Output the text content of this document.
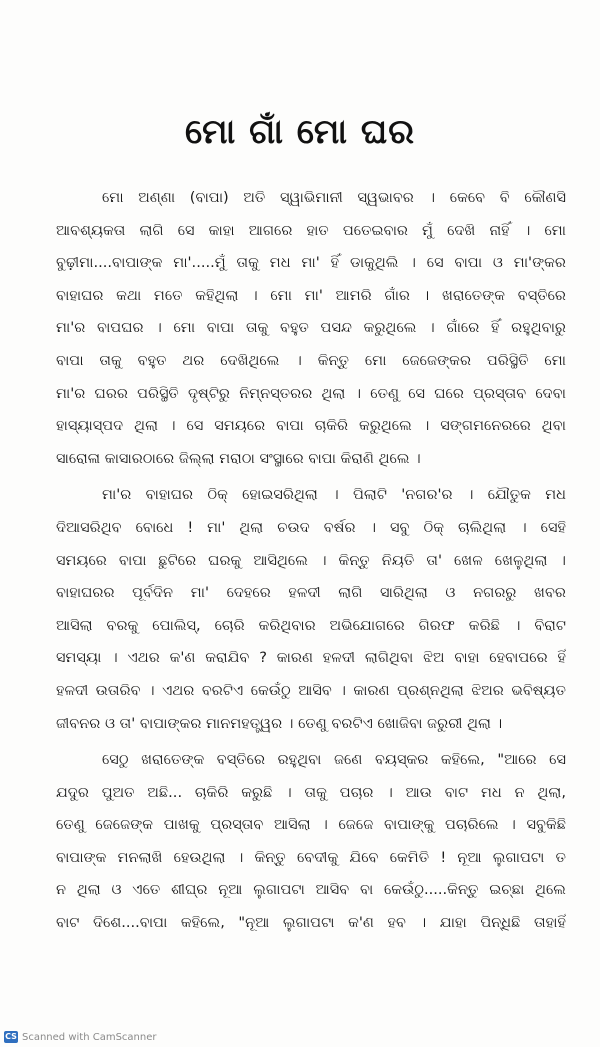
ମୋ ଗାଁ ମୋ ଘର
ମୋ ଅଣ୍ଣା (ବାପା) ଅତି ସ୍ୱାଭିମାନୀ ସ୍ୱଭାବର । କେବେ ବି କୌଣସି
ଆବଶ୍ୟକତା ଲାଗି ସେ କାହା ଆଗରେ ହାତ ପତେଇବାର ମୁଁ ଦେଖି ନାହିଁ । ମୋ
ବୁଢ଼ୀମା....ବାପାଙ୍କ ମା'.....ମୁଁ ତାକୁ ମଧ ମା' ହିଁ ଡାକୁଥିଲି । ସେ ବାପା ଓ ମା'ଙ୍କର
ବାହାଘର କଥା ମତେ କହିଥିଲା । ମୋ ମା' ଆମରି ଗାଁର । ଖରାତେଙ୍କ ବସ୍ତିରେ
ମା'ର ବାପଘର । ମୋ ବାପା ତାକୁ ବହୁତ ପସନ୍ଦ କରୁଥିଲେ । ଗାଁରେ ହିଁ ରହୁଥିବାରୁ
ବାପା ତାକୁ ବହୁତ ଥର ଦେଖିଥିଲେ । କିନ୍ତୁ ମୋ ଜେଜେଙ୍କର ପରିସ୍ଥିତି ମୋ
ମା'ର ଘରର ପରିସ୍ଥିତି ଦୃଷ୍ଟିରୁ ନିମ୍ନସ୍ତରର ଥିଲା । ତେଣୁ ସେ ଘରେ ପ୍ରସ୍ତାବ ଦେବା
ହାସ୍ୟାସ୍ପଦ ଥିଲା । ସେ ସମୟରେ ବାପା ଚାକିରି କରୁଥିଲେ । ସଙ୍ଗମନେରରେ ଥିବା
ସାରୋଳା କାସାରଠାରେ ଜିଲ୍ଲା ମରାଠା ସଂସ୍ଥାରେ ବାପା କିରାଣି ଥିଲେ ।
ମା'ର ବାହାଘର ଠିକ୍ ହୋଇସରିଥିଲା । ପିଲାଟି 'ନଗର'ର । ଯୌତୁକ ମଧ
ଦିଆସରିଥିବ ବୋଧେ ! ମା' ଥିଲା ଚଉଦ ବର୍ଷର । ସବୁ ଠିକ୍ ଚାଲିଥିଲା । ସେହି
ସମୟରେ ବାପା ଛୁଟିରେ ଘରକୁ ଆସିଥିଲେ । କିନ୍ତୁ ନିୟତି ତା' ଖେଳ ଖେଳୁଥିଲା ।
ବାହାଘରର ପୂର୍ବଦିନ ମା' ଦେହରେ ହଳଦୀ ଲାଗି ସାରିଥିଲା ଓ ନଗରରୁ ଖବର
ଆସିଲା ବରକୁ ପୋଲିସ୍, ଚୋରି କରିଥିବାର ଅଭିଯୋଗରେ ଗିରଫ କରିଛି । ବିରାଟ
ସମସ୍ୟା । ଏଥର କ'ଣ କରାଯିବ ? କାରଣ ହଳଦୀ ଲାଗିଥିବା ଝିଅ ବାହା ହେବାପରେ ହିଁ
ହଳଦୀ ଉତାରିବ । ଏଥର ବରଟିଏ କେଉଁଠୁ ଆସିବ । କାରଣ ପ୍ରଶ୍ନଥିଲା ଝିଅର ଭବିଷ୍ୟତ
ଜୀବନର ଓ ତା' ବାପାଙ୍କର ମାନମହତ୍ତ୍ୱର । ତେଣୁ ବରଟିଏ ଖୋଜିବା ଜରୁରୀ ଥିଲା ।
ସେଠୁ ଖରାତେଙ୍କ ବସ୍ତିରେ ରହୁଥିବା ଜଣେ ବୟସ୍କର କହିଲେ, "ଆରେ ସେ
ଯଦୁର ପୁଅତ ଅଛି... ଚାକିରି କରୁଛି । ତାକୁ ପଚାର । ଆଉ ବାଟ ମଧ ନ ଥିଲା,
ତେଣୁ ଜେଜେଙ୍କ ପାଖକୁ ପ୍ରସ୍ତାବ ଆସିଲା । ଜେଜେ ବାପାଙ୍କୁ ପଚାରିଲେ । ସବୁକିଛି
ବାପାଙ୍କ ମନଲାଖି ହେଉଥିଲା । କିନ୍ତୁ ବେଦୀକୁ ଯିବେ କେମିତି ! ନୂଆ ଲୁଗାପଟା ତ
ନ ଥିଲା ଓ ଏତେ ଶୀଘ୍ର ନୂଆ ଲୁଗାପଟା ଆସିବ ବା କେଉଁଠୁ.....କିନ୍ତୁ ଇଚ୍ଛା ଥିଲେ
ବାଟ ଦିଶେ....ବାପା କହିଲେ, "ନୂଆ ଲୁଗାପଟା କ'ଣ ହବ । ଯାହା ପିନ୍ଧିଛି ତାହାହିଁ
CS Scanned with CamScanner
